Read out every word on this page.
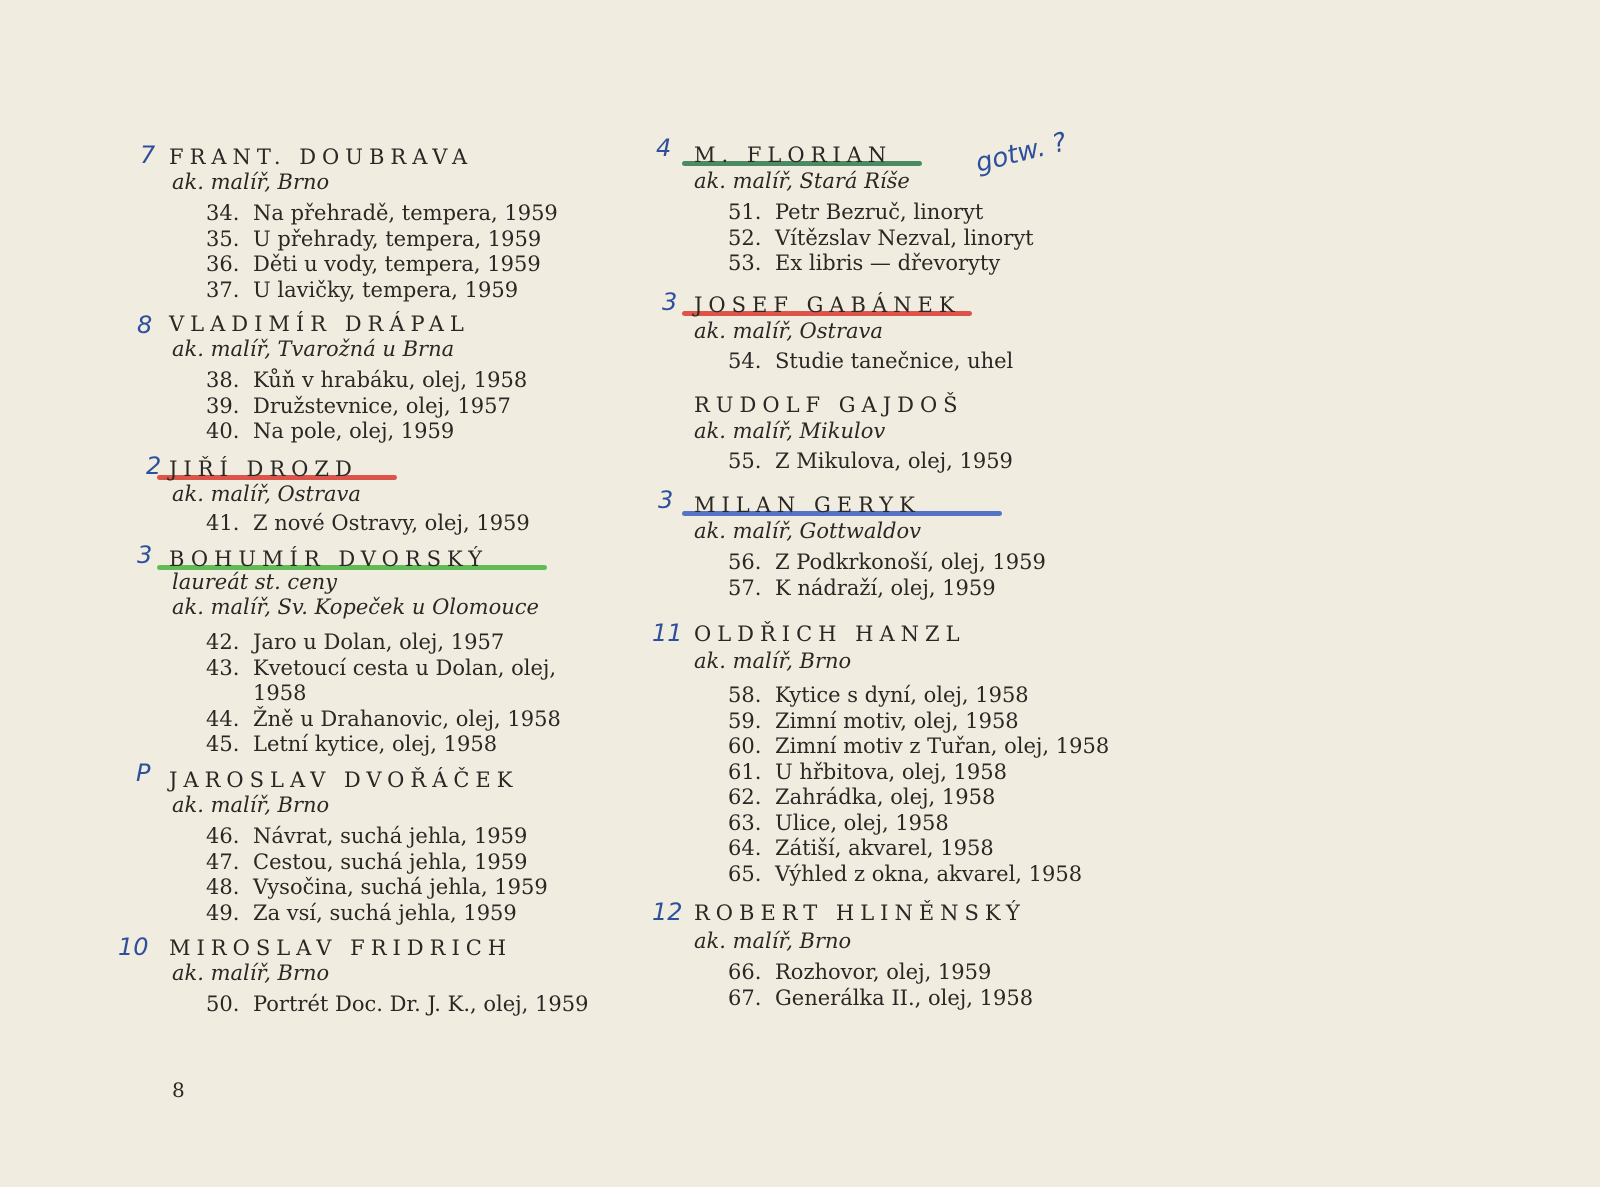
7 FRANT. DOUBRAVA
ak. malíř, Brno
34. Na přehradě, tempera, 1959
35. U přehrady, tempera, 1959
36. Děti u vody, tempera, 1959
37. U lavičky, tempera, 1959
8 VLADIMÍR DRÁPAL
ak. malíř, Tvarožná u Brna
38. Kůň v hrabáku, olej, 1958
39. Družstevnice, olej, 1957
40. Na pole, olej, 1959
2 JIŘÍ DROZD
ak. malíř, Ostrava
41. Z nové Ostravy, olej, 1959
3 BOHUMÍR DVORSKÝ
laureát st. ceny
ak. malíř, Sv. Kopeček u Olomouce
42. Jaro u Dolan, olej, 1957
43. Kvetoucí cesta u Dolan, olej,
1958
44. Žně u Drahanovic, olej, 1958
45. Letní kytice, olej, 1958
P JAROSLAV DVOŘÁČEK
ak. malíř, Brno
46. Návrat, suchá jehla, 1959
47. Cestou, suchá jehla, 1959
48. Vysočina, suchá jehla, 1959
49. Za vsí, suchá jehla, 1959
10 MIROSLAV FRIDRICH
ak. malíř, Brno
50. Portrét Doc. Dr. J. K., olej, 1959
4 M. FLORIAN
ak. malíř, Stará Ríše
51. Petr Bezruč, linoryt
52. Vítězslav Nezval, linoryt
53. Ex libris — dřevoryty
3 JOSEF GABÁNEK
ak. malíř, Ostrava
54. Studie tanečnice, uhel
RUDOLF GAJDOŠ
ak. malíř, Mikulov
55. Z Mikulova, olej, 1959
3 MILAN GERYK
ak. malíř, Gottwaldov
56. Z Podkrkonoší, olej, 1959
57. K nádraží, olej, 1959
11 OLDŘICH HANZL
ak. malíř, Brno
58. Kytice s dyní, olej, 1958
59. Zimní motiv, olej, 1958
60. Zimní motiv z Tuřan, olej, 1958
61. U hřbitova, olej, 1958
62. Zahrádka, olej, 1958
63. Ulice, olej, 1958
64. Zátiší, akvarel, 1958
65. Výhled z okna, akvarel, 1958
12 ROBERT HLINĚNSKÝ
ak. malíř, Brno
66. Rozhovor, olej, 1959
67. Generálka II., olej, 1958
gotw. ?
8
